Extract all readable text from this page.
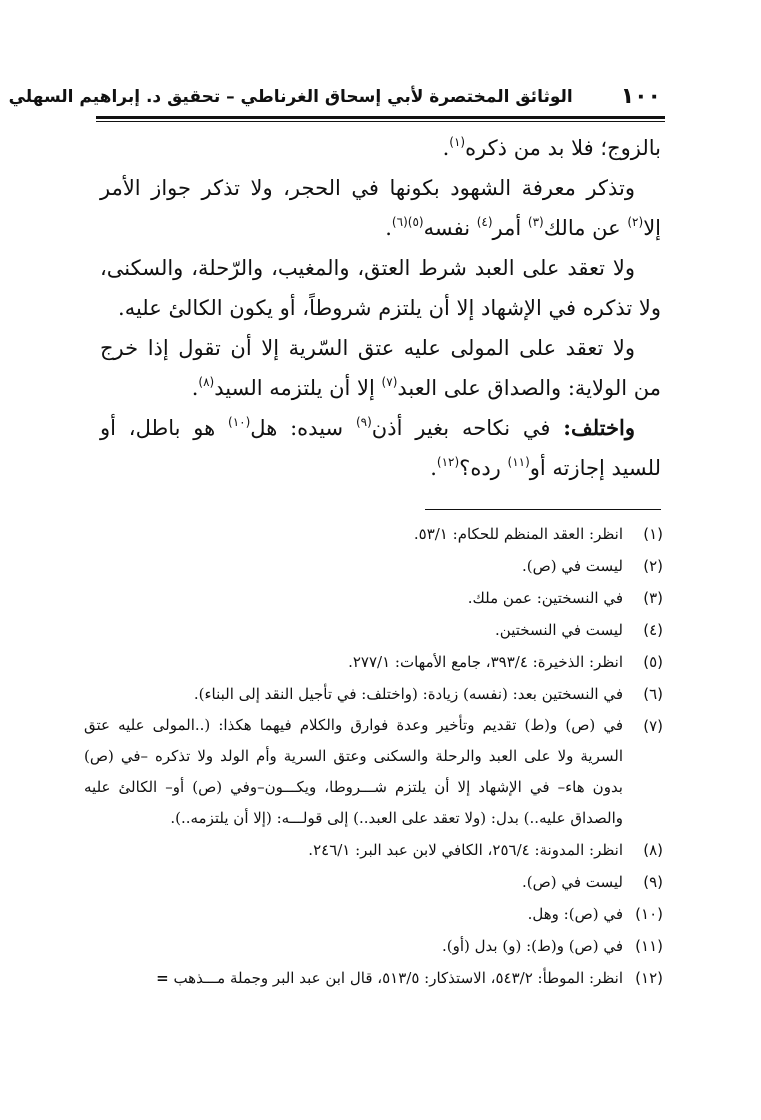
١٠٠
الوثائق المختصرة لأبي إسحاق الغرناطي – تحقيق د. إبراهيم السهلي

بالزوج؛ فلا بد من ذكره$^{(١)}$.

وتذكر معرفة الشهود بكونها في الحجر، ولا تذكر جواز الأمر إلا$^{(٢)}$ عن مالك$^{(٣)}$ أمر$^{(٤)}$ نفسه$^{(٥)(٦)}$.

ولا تعقد على العبد شرط العتق، والمغيب، والرّحلة، والسكنى، ولا تذكره في الإشهاد إلا أن يلتزم شروطاً، أو يكون الكالئ عليه.

ولا تعقد على المولى عليه عتق السّرية إلا أن تقول إذا خرج من الولاية: والصداق على العبد$^{(٧)}$ إلا أن يلتزمه السيد$^{(٨)}$.

واختلف: في نكاحه بغير أذن$^{(٩)}$ سيده: هل$^{(١٠)}$ هو باطل، أو للسيد إجازته أو$^{(١١)}$ رده؟$^{(١٢)}$.

(١)
انظر: العقد المنظم للحكام: ٥٣/١.
(٢)
ليست في (ص).
(٣)
في النسختين: عمن ملك.
(٤)
ليست في النسختين.
(٥)
انظر: الذخيرة: ٣٩٣/٤، جامع الأمهات: ٢٧٧/١.
(٦)
في النسختين بعد: (نفسه) زيادة: (واختلف: في تأجيل النقد إلى البناء).
(٧)
في (ص) و(ط) تقديم وتأخير وعدة فوارق والكلام فيهما هكذا: (..المولى عليه عتق السرية ولا على العبد والرحلة والسكنى وعتق السرية وأم الولد ولا تذكره –في (ص) بدون هاء– في الإشهاد إلا أن يلتزم شـــروطا، ويكـــون–وفي (ص) أو– الكالئ عليه والصداق عليه..) بدل: (ولا تعقد على العبد..) إلى قولـــه: (إلا أن يلتزمه..).
(٨)
انظر: المدونة: ٢٥٦/٤، الكافي لابن عبد البر: ٢٤٦/١.
(٩)
ليست في (ص).
(١٠)
في (ص): وهل.
(١١)
في (ص) و(ط): (و) بدل (أو).
(١٢)
انظر: الموطأ: ٥٤٣/٢، الاستذكار: ٥١٣/٥، قال ابن عبد البر وجملة مـــذهب =
